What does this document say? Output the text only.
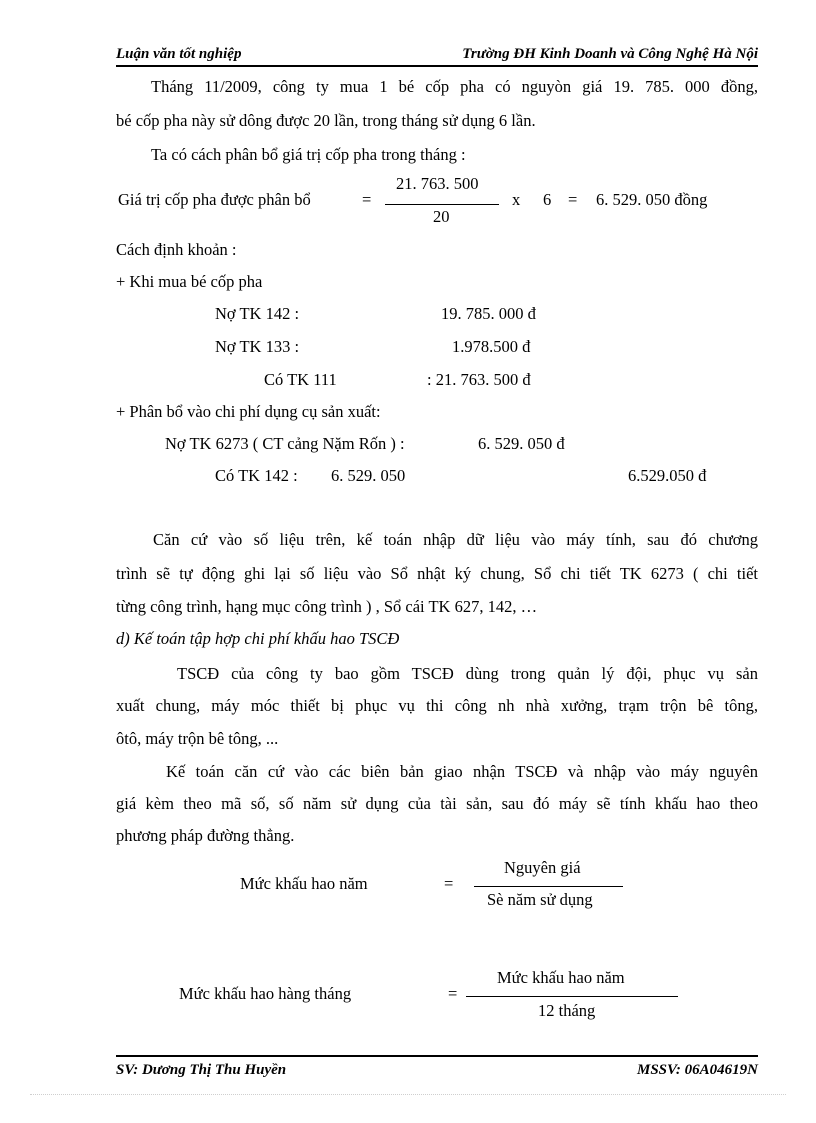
Luận văn tốt nghiệp	Trường ĐH Kinh Doanh và Công Nghệ Hà Nội
Tháng 11/2009, công ty mua 1 bé cốp pha có nguyòn giá 19. 785. 000 đồng,
bé cốp pha này sử dông được 20 lần, trong tháng sử dụng 6 lần.
Ta có cách phân bổ giá trị cốp pha trong tháng :
Giá trị cốp pha được phân bổ	=
21. 763. 500
20
x 6 = 6. 529. 050 đồng
Cách định khoản :
+ Khi mua bé cốp pha
Nợ TK 142 :	19. 785. 000 đ
Nợ TK 133 :	1.978.500 đ
Có TK 111	: 21. 763. 500 đ
+ Phân bổ vào chi phí dụng cụ sản xuất:
Nợ TK 6273 ( CT cảng Nặm Rốn ) :	6. 529. 050 đ
Có TK 142 : 6. 529. 050	6.529.050 đ
Căn cứ vào số liệu trên, kế toán nhập dữ liệu vào máy tính, sau đó chương
trình sẽ tự động ghi lại số liệu vào Sổ nhật ký chung, Sổ chi tiết TK 6273 ( chi tiết
từng công trình, hạng mục công trình ) , Sổ cái TK 627, 142, …
d) Kế toán tập hợp chi phí khấu hao TSCĐ
TSCĐ của công ty bao gồm TSCĐ dùng trong quản lý đội, phục vụ sản
xuất chung, máy móc thiết bị phục vụ thi công nh nhà xưởng, trạm trộn bê tông,
ôtô, máy trộn bê tông, ...
Kế toán căn cứ vào các biên bản giao nhận TSCĐ và nhập vào máy nguyên
giá kèm theo mã số, số năm sử dụng của tài sản, sau đó máy sẽ tính khấu hao theo
phương pháp đường thẳng.
Mức khấu hao năm	=
Nguyên giá
Sè năm sử dụng
Mức khấu hao hàng tháng	=
Mức khấu hao năm
12 tháng
SV: Dương Thị Thu Huyền	MSSV: 06A04619N
